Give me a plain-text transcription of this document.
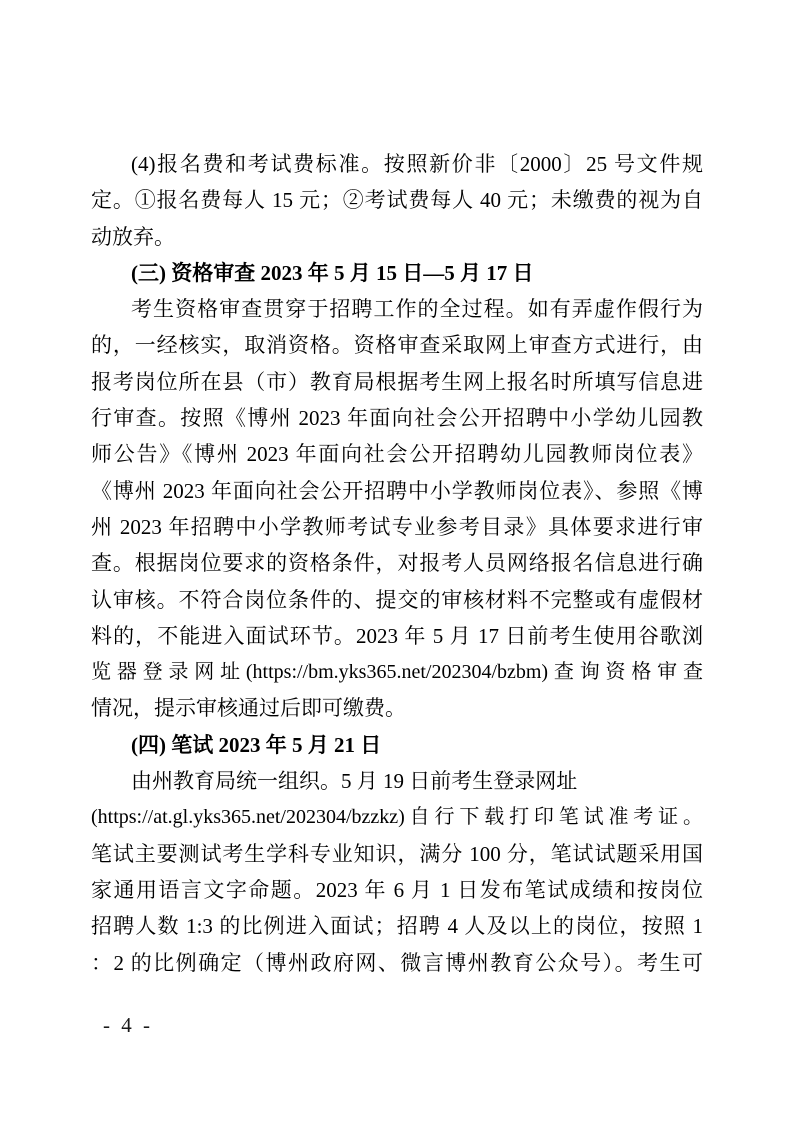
(4)报名费和考试费标准。按照新价非〔2000〕25 号文件规
定。①报名费每人 15 元；②考试费每人 40 元；未缴费的视为自
动放弃。
(三) 资格审查 2023 年 5 月 15 日—5 月 17 日
考生资格审查贯穿于招聘工作的全过程。如有弄虚作假行为
的，一经核实，取消资格。资格审查采取网上审查方式进行，由
报考岗位所在县（市）教育局根据考生网上报名时所填写信息进
行审查。按照《博州 2023 年面向社会公开招聘中小学幼儿园教
师公告》《博州 2023 年面向社会公开招聘幼儿园教师岗位表》
《博州 2023 年面向社会公开招聘中小学教师岗位表》、参照《博
州 2023 年招聘中小学教师考试专业参考目录》具体要求进行审
查。根据岗位要求的资格条件，对报考人员网络报名信息进行确
认审核。不符合岗位条件的、提交的审核材料不完整或有虚假材
料的，不能进入面试环节。2023 年 5 月 17 日前考生使用谷歌浏
览器登录网址(https://bm.yks365.net/202304/bzbm)查询资格审查
情况，提示审核通过后即可缴费。
(四) 笔试 2023 年 5 月 21 日
由州教育局统一组织。5 月 19 日前考生登录网址
(https://at.gl.yks365.net/202304/bzzkz)自行下载打印笔试准考证。
笔试主要测试考生学科专业知识，满分 100 分，笔试试题采用国
家通用语言文字命题。2023 年 6 月 1 日发布笔试成绩和按岗位
招聘人数 1:3 的比例进入面试；招聘 4 人及以上的岗位，按照 1
：2 的比例确定（博州政府网、微言博州教育公众号）。考生可
- 4 -
